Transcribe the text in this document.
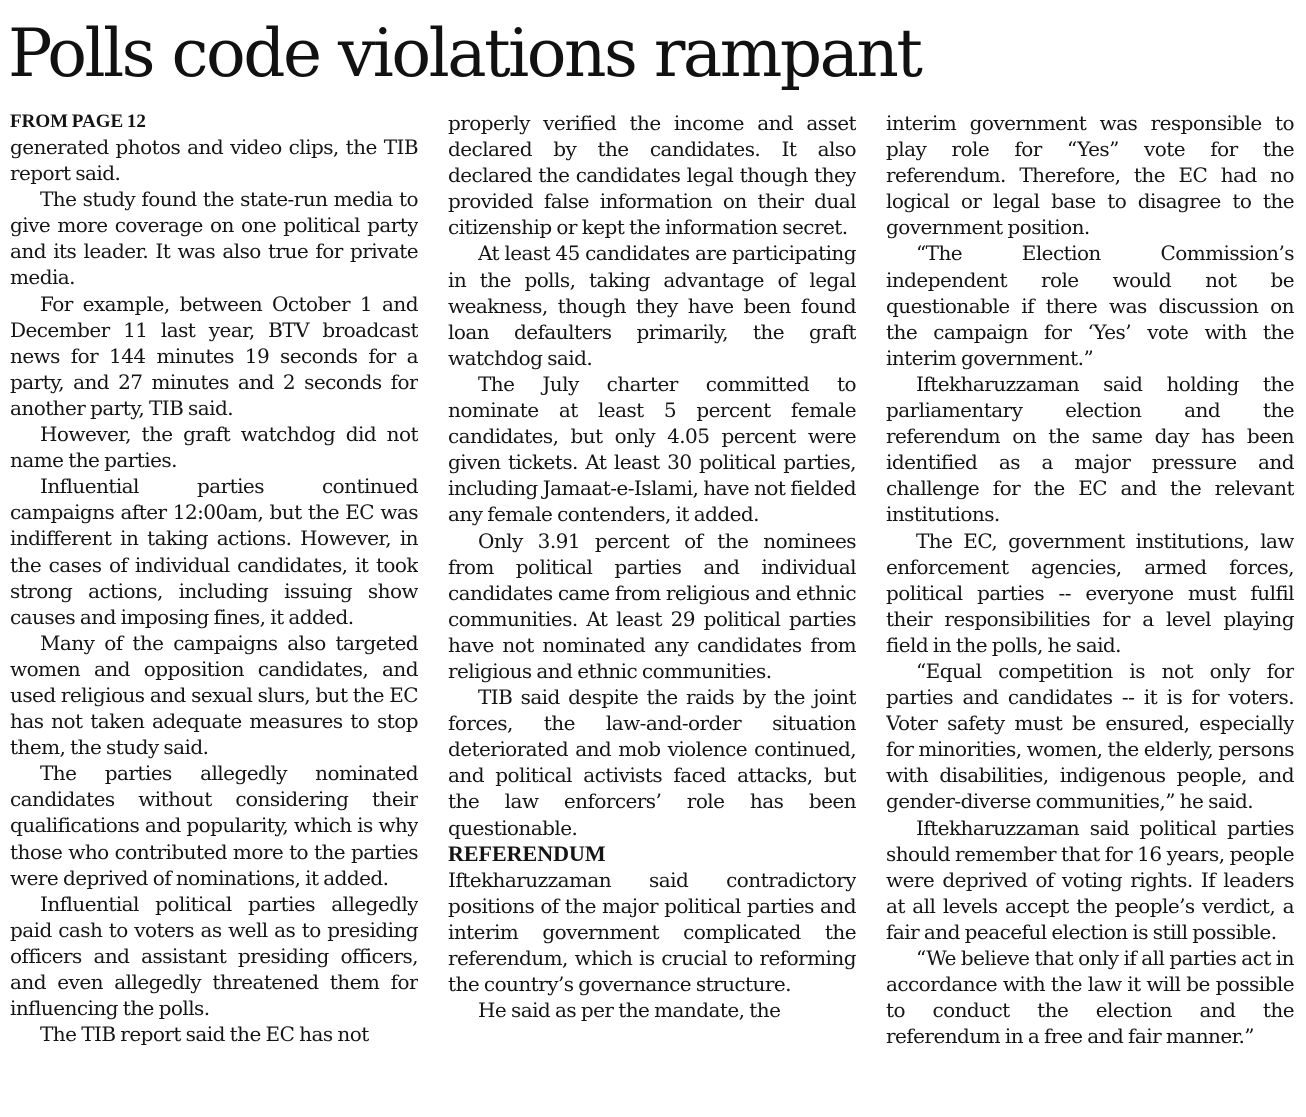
Polls code violations rampant
FROM PAGE 12

generated photos and video clips, the TIB report said.

The study found the state-run media to give more coverage on one political party and its leader. It was also true for private media.

For example, between October 1 and December 11 last year, BTV broadcast news for 144 minutes 19 seconds for a party, and 27 minutes and 2 seconds for another party, TIB said.

However, the graft watchdog did not name the parties.

Influential parties continued campaigns after 12:00am, but the EC was indifferent in taking actions. However, in the cases of individual candidates, it took strong actions, including issuing show causes and imposing fines, it added.

Many of the campaigns also targeted women and opposition candidates, and used religious and sexual slurs, but the EC has not taken adequate measures to stop them, the study said.

The parties allegedly nominated candidates without considering their qualifications and popularity, which is why those who contributed more to the parties were deprived of nominations, it added.

Influential political parties allegedly paid cash to voters as well as to presiding officers and assistant presiding officers, and even allegedly threatened them for influencing the polls.

The TIB report said the EC has not

properly verified the income and asset declared by the candidates. It also declared the candidates legal though they provided false information on their dual citizenship or kept the information secret.

At least 45 candidates are participating in the polls, taking advantage of legal weakness, though they have been found loan defaulters primarily, the graft watchdog said.

The July charter committed to nominate at least 5 percent female candidates, but only 4.05 percent were given tickets. At least 30 political parties, including Jamaat-e-Islami, have not fielded any female contenders, it added.

Only 3.91 percent of the nominees from political parties and individual candidates came from religious and ethnic communities. At least 29 political parties have not nominated any candidates from religious and ethnic communities.

TIB said despite the raids by the joint forces, the law-and-order situation deteriorated and mob violence continued, and political activists faced attacks, but the law enforcers’ role has been questionable.

REFERENDUM

Iftekharuzzaman said contradictory positions of the major political parties and interim government complicated the referendum, which is crucial to reforming the country’s governance structure.

He said as per the mandate, the

interim government was responsible to play role for “Yes” vote for the referendum. Therefore, the EC had no logical or legal base to disagree to the government position.

“The Election Commission’s independent role would not be questionable if there was discussion on the campaign for ‘Yes’ vote with the interim government.”

Iftekharuzzaman said holding the parliamentary election and the referendum on the same day has been identified as a major pressure and challenge for the EC and the relevant institutions.

The EC, government institutions, law enforcement agencies, armed forces, political parties -- everyone must fulfil their responsibilities for a level playing field in the polls, he said.

“Equal competition is not only for parties and candidates -- it is for voters. Voter safety must be ensured, especially for minorities, women, the elderly, persons with disabilities, indigenous people, and gender-diverse communities,” he said.

Iftekharuzzaman said political parties should remember that for 16 years, people were deprived of voting rights. If leaders at all levels accept the people’s verdict, a fair and peaceful election is still possible.

“We believe that only if all parties act in accordance with the law it will be possible to conduct the election and the referendum in a free and fair manner.”
